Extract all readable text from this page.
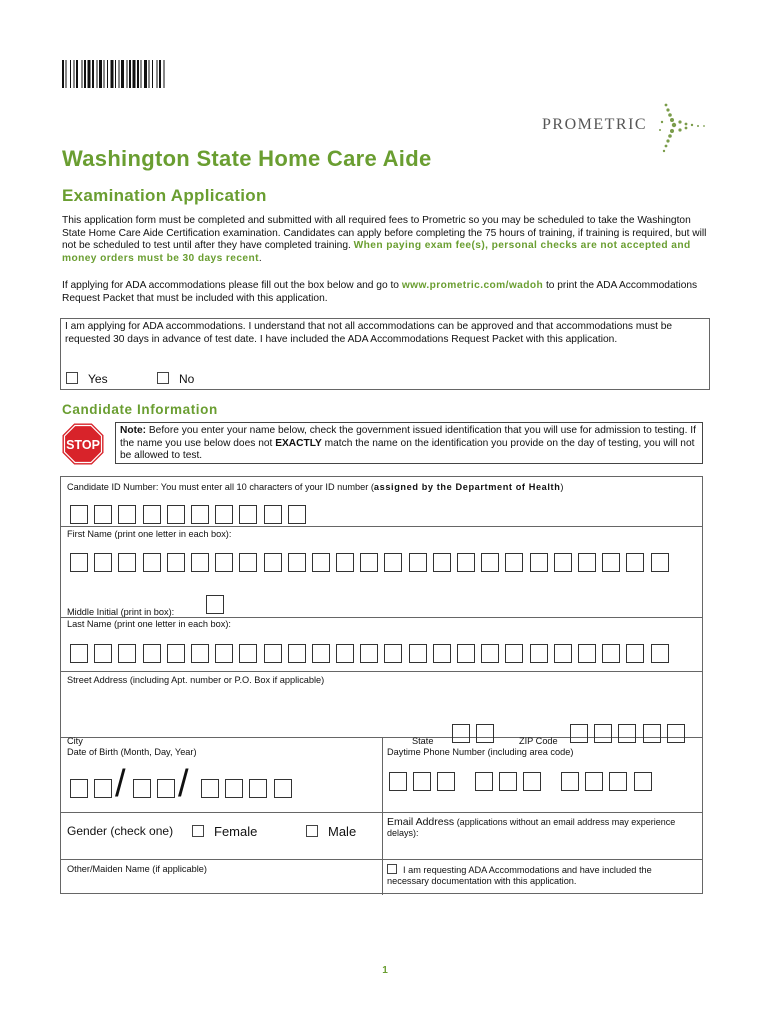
PROMETRIC
Washington State Home Care Aide
Examination Application
This application form must be completed and submitted with all required fees to Prometric so you may be scheduled to take the Washington State Home Care Aide Certification examination. Candidates can apply before completing the 75 hours of training, if training is required, but will not be scheduled to test until after they have completed training. When paying exam fee(s), personal checks are not accepted and money orders must be 30 days recent.
If applying for ADA accommodations please fill out the box below and go to www.prometric.com/wadoh to print the ADA Accommodations Request Packet that must be included with this application.
I am applying for ADA accommodations. I understand that not all accommodations can be approved and that accommodations must be requested 30 days in advance of test date. I have included the ADA Accommodations Request Packet with this application.
Yes	No
Candidate Information
STOP
Note: Before you enter your name below, check the government issued identification that you will use for admission to testing. If the name you use below does not EXACTLY match the name on the identification you provide on the day of testing, you will not be allowed to test.
Candidate ID Number: You must enter all 10 characters of your ID number (assigned by the Department of Health)
First Name (print one letter in each box):
Middle Initial (print in box):
Last Name (print one letter in each box):
Street Address (including Apt. number or P.O. Box if applicable)
City	State	ZIP Code
Date of Birth (Month, Day, Year)
/ /
Daytime Phone Number (including area code)
Gender (check one)	Female	Male
Email Address (applications without an email address may experience delays):
Other/Maiden Name (if applicable)	I am requesting ADA Accommodations and have included the necessary documentation with this application.
1
